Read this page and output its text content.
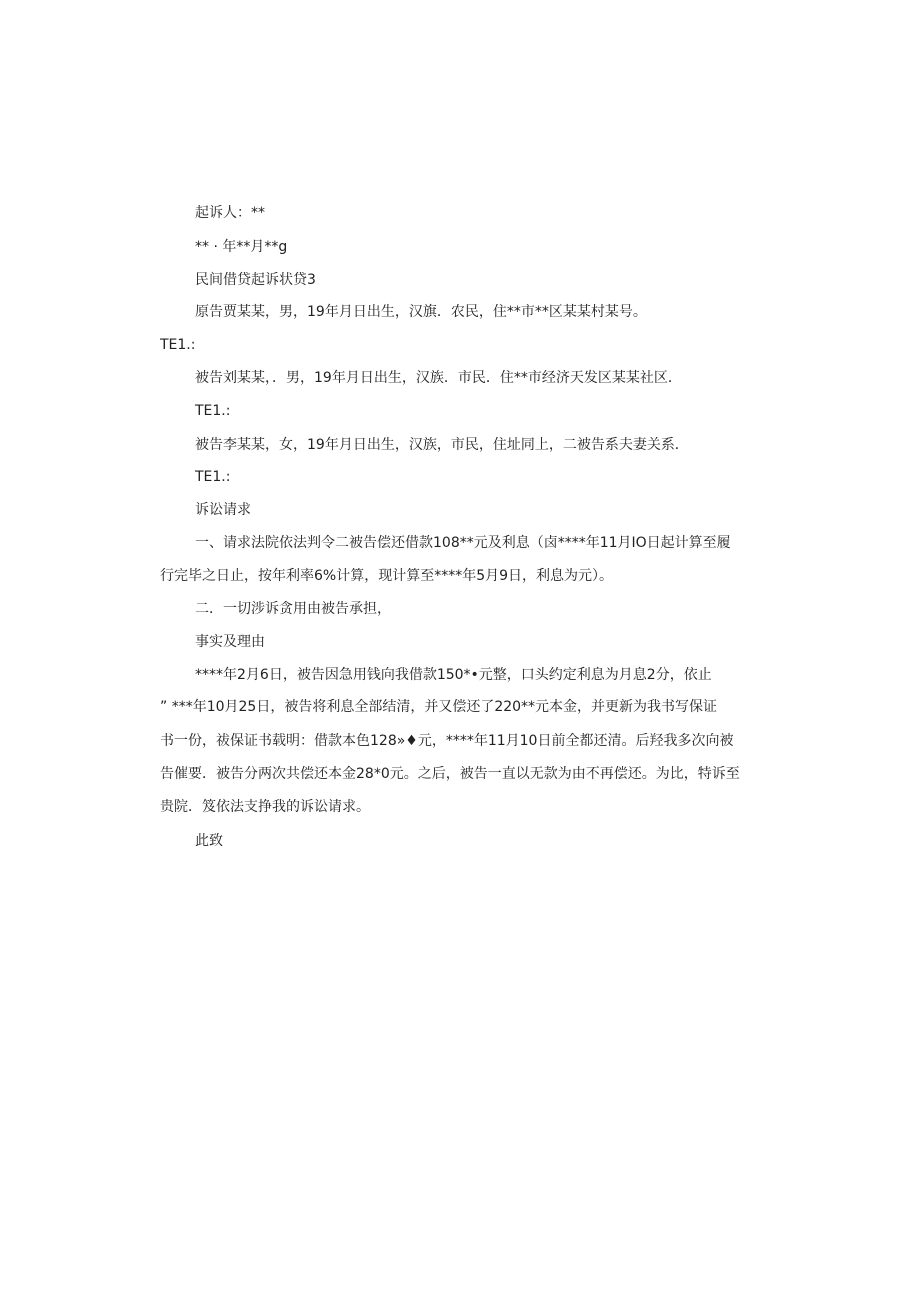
起诉人：**
** · 年**月**g
民间借贷起诉状贷3
原告贾某某，男，19年月日出生，汉旗．农民，住**市**区某某村某号。
TE1.:
被告刘某某，．男，19年月日出生，汉族．市民．住**市经济天发区某某社区．
TE1.:
被告李某某，女，19年月日出生，汉族，市民，住址同上，二被告系夫妻关系．
TE1.:
诉讼请求
一、请求法院依法判令二被告偿还借款108**元及利息（卤****年11月IO日起计算至履
行完毕之日止，按年利率6%计算，现计算至****年5月9日，利息为元）。
二．一切涉诉贪用由被告承担，
事实及理由
****年2月6日，被告因急用钱向我借款150*•元整，口头约定利息为月息2分，依止
” ***年10月25日，被告将利息全部结清，并又偿还了220**元本金，并更新为我书写保证
书一份，祓保证书载明：借款本色128»♦元，****年11月10日前全都还清。后羟我多次向被
告催要．被告分两次共偿还本金28*0元。之后，被告一直以无款为由不再偿还。为比，特诉至
贵院．笈依法支挣我的诉讼请求。
此致
